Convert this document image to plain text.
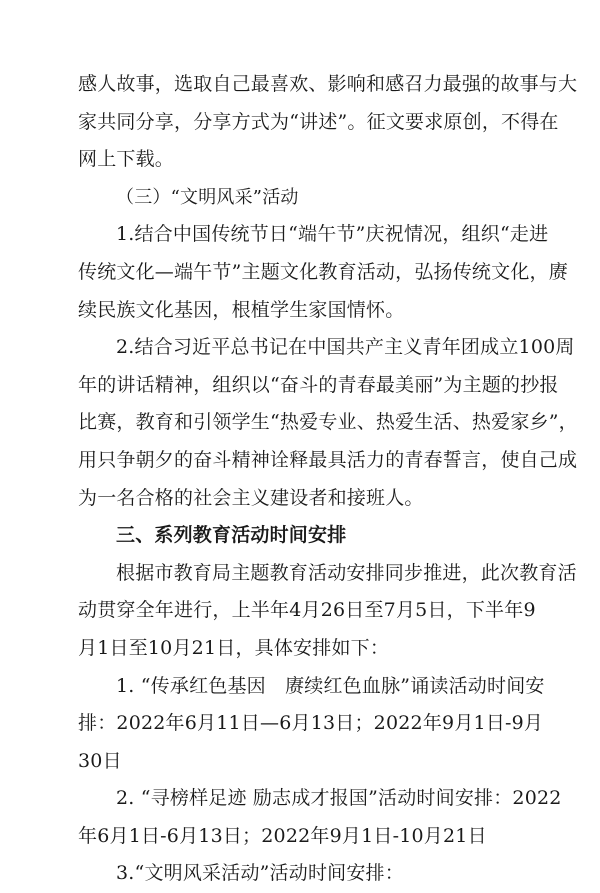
感人故事，选取自己最喜欢、影响和感召力最强的故事与大
家共同分享，分享方式为“讲述”。征文要求原创，不得在
网上下载。
（三）“文明风采”活动
1.结合中国传统节日“端午节”庆祝情况，组织“走进
传统文化—端午节”主题文化教育活动，弘扬传统文化，赓
续民族文化基因，根植学生家国情怀。
2.结合习近平总书记在中国共产主义青年团成立100周
年的讲话精神，组织以“奋斗的青春最美丽”为主题的抄报
比赛，教育和引领学生“热爱专业、热爱生活、热爱家乡”，
用只争朝夕的奋斗精神诠释最具活力的青春誓言，使自己成
为一名合格的社会主义建设者和接班人。
三、系列教育活动时间安排
根据市教育局主题教育活动安排同步推进，此次教育活
动贯穿全年进行，上半年4月26日至7月5日，下半年9
月1日至10月21日，具体安排如下：
1. “传承红色基因　赓续红色血脉”诵读活动时间安
排：2022年6月11日—6月13日；2022年9月1日-9月
30日
2. “寻榜样足迹 励志成才报国”活动时间安排：2022
年6月1日-6月13日；2022年9月1日-10月21日
3.“文明风采活动”活动时间安排：
